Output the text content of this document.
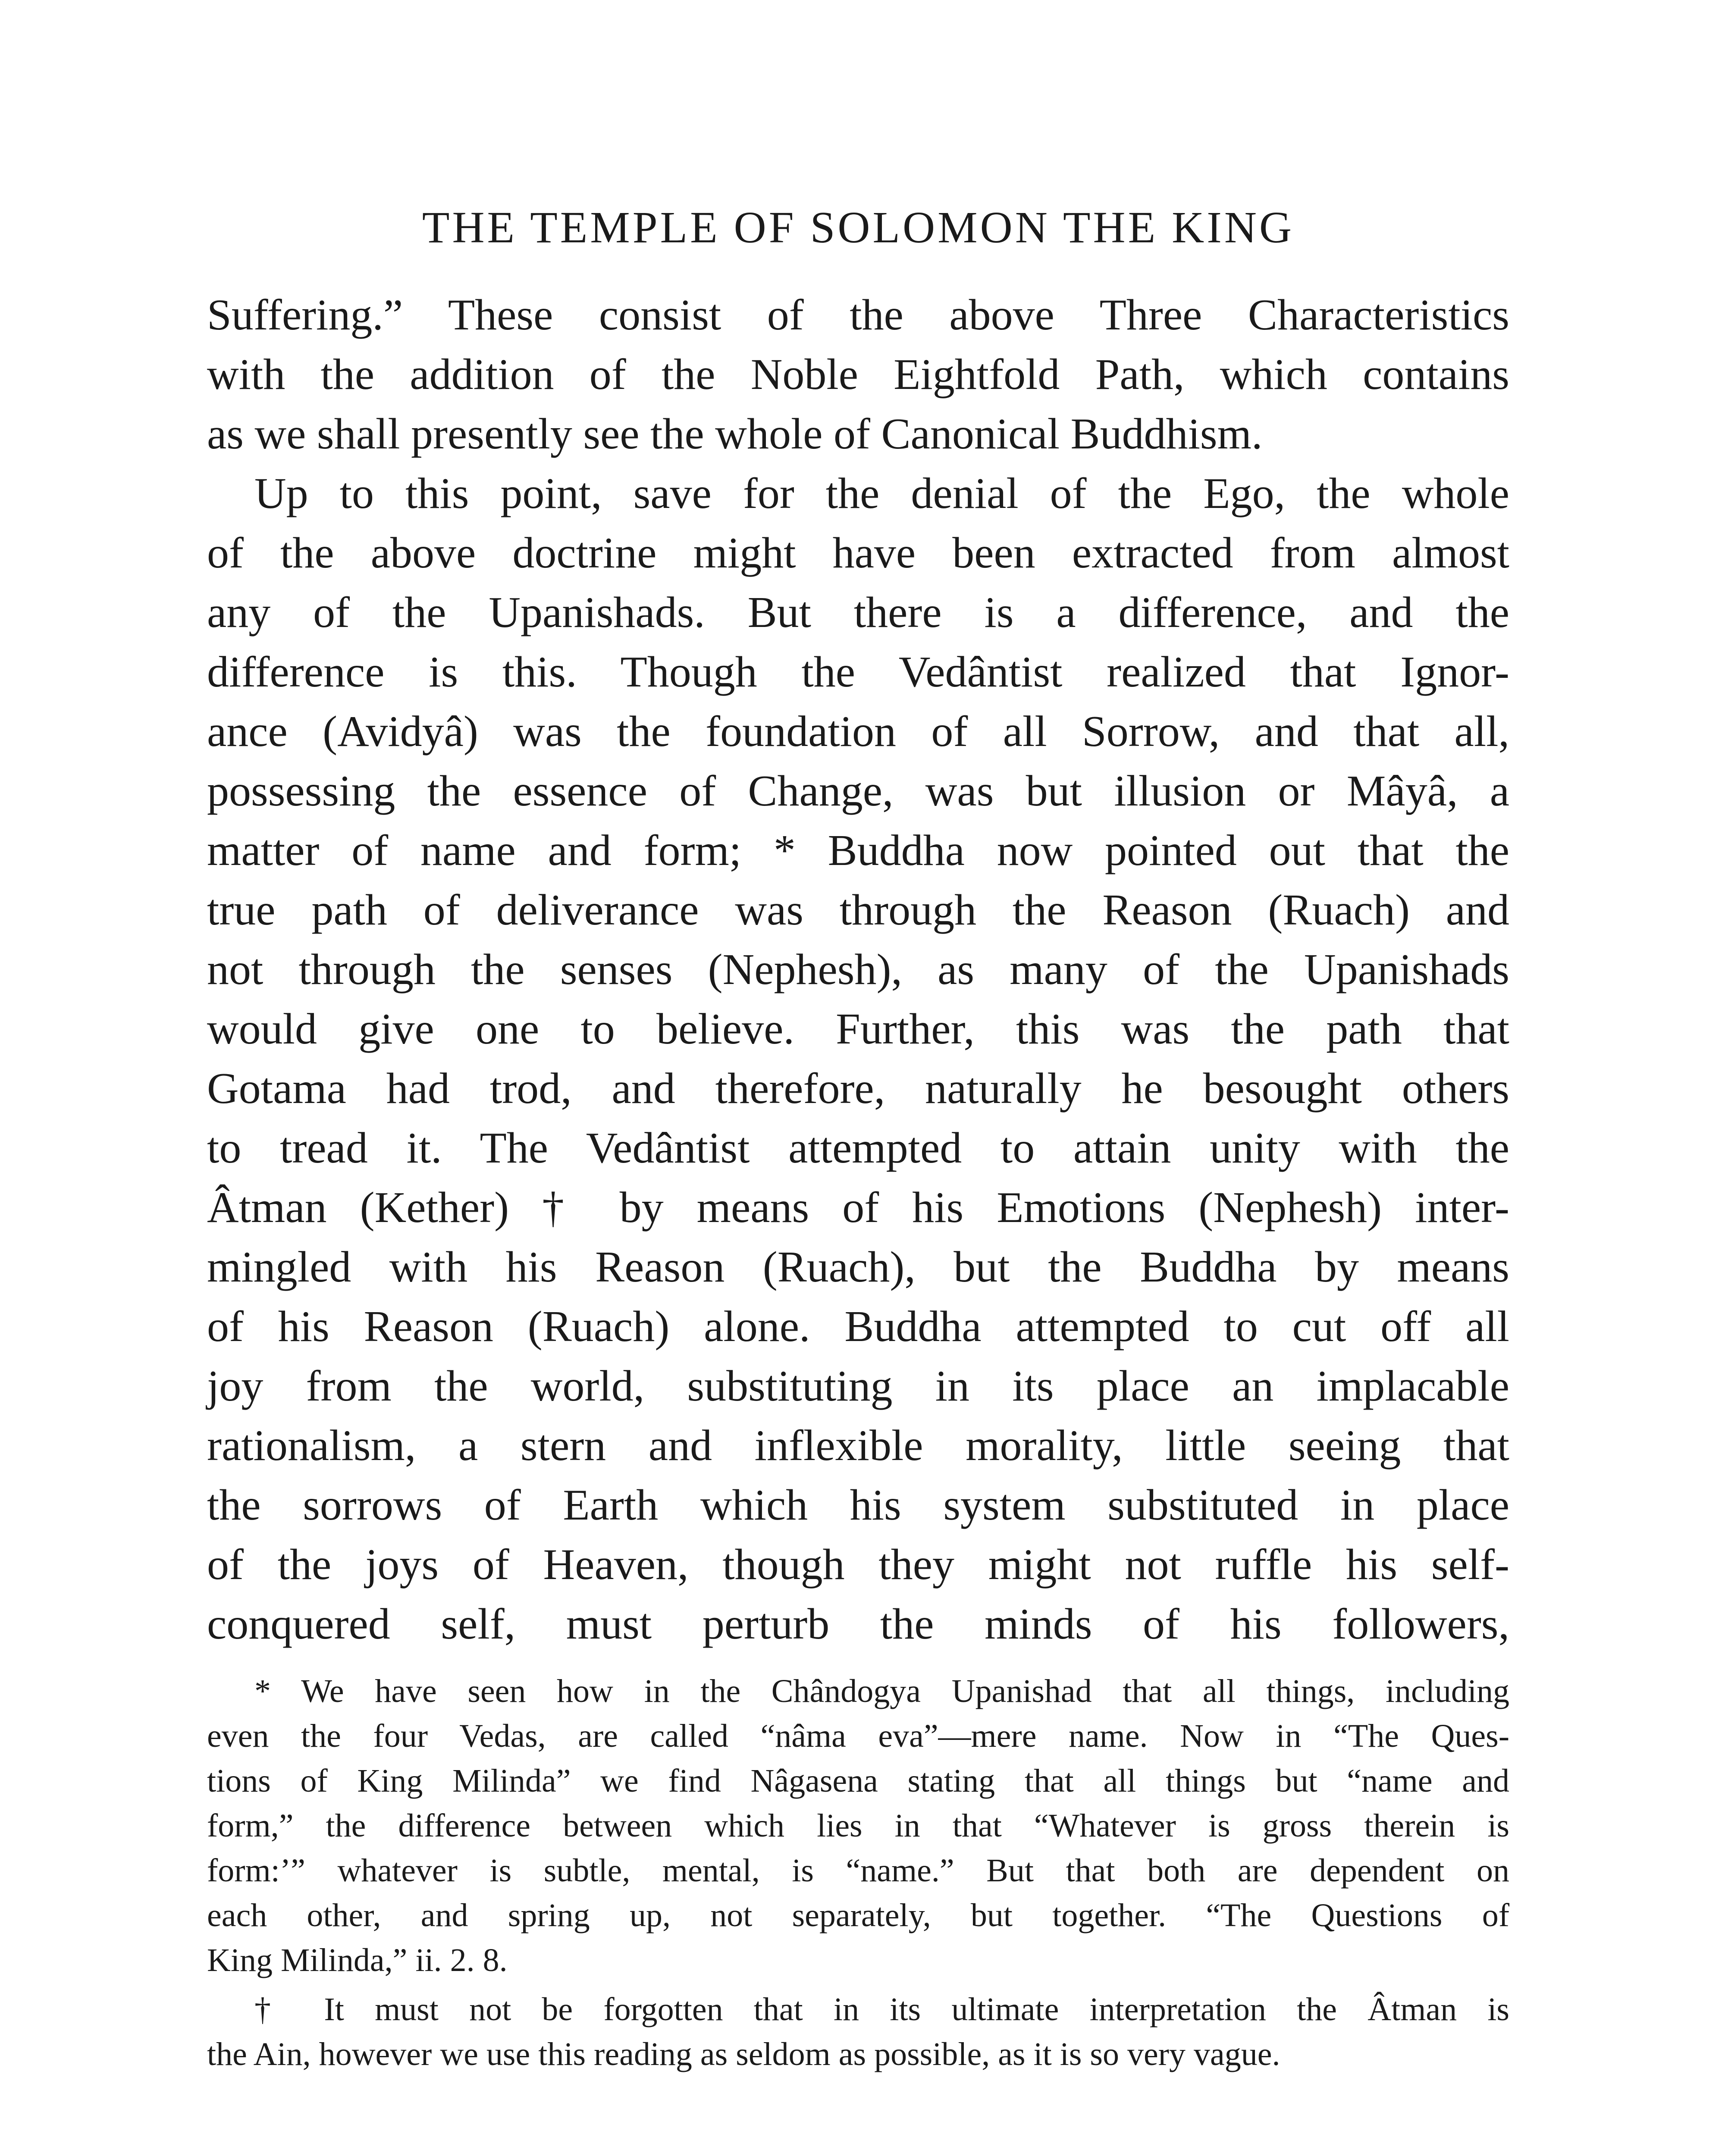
THE TEMPLE OF SOLOMON THE KING
Suffering.” These consist of the above Three Characteristics
with the addition of the Noble Eightfold Path, which contains
as we shall presently see the whole of Canonical Buddhism.
Up to this point, save for the denial of the Ego, the whole
of the above doctrine might have been extracted from almost
any of the Upanishads. But there is a difference, and the
difference is this. Though the Vedântist realized that Ignor-
ance (Avidyâ) was the foundation of all Sorrow, and that all,
possessing the essence of Change, was but illusion or Mâyâ, a
matter of name and form; * Buddha now pointed out that the
true path of deliverance was through the Reason (Ruach) and
not through the senses (Nephesh), as many of the Upanishads
would give one to believe. Further, this was the path that
Gotama had trod, and therefore, naturally he besought others
to tread it. The Vedântist attempted to attain unity with the
Âtman (Kether) † by means of his Emotions (Nephesh) inter-
mingled with his Reason (Ruach), but the Buddha by means
of his Reason (Ruach) alone. Buddha attempted to cut off all
joy from the world, substituting in its place an implacable
rationalism, a stern and inflexible morality, little seeing that
the sorrows of Earth which his system substituted in place
of the joys of Heaven, though they might not ruffle his self-
conquered self, must perturb the minds of his followers,
* We have seen how in the Chândogya Upanishad that all things, including
even the four Vedas, are called “nâma eva”—mere name. Now in “The Ques-
tions of King Milinda” we find Nâgasena stating that all things but “name and
form,” the difference between which lies in that “Whatever is gross therein is
form:’” whatever is subtle, mental, is “name.” But that both are dependent on
each other, and spring up, not separately, but together. “The Questions of
King Milinda,” ii. 2. 8.
† It must not be forgotten that in its ultimate interpretation the Âtman is
the Ain, however we use this reading as seldom as possible, as it is so very vague.
